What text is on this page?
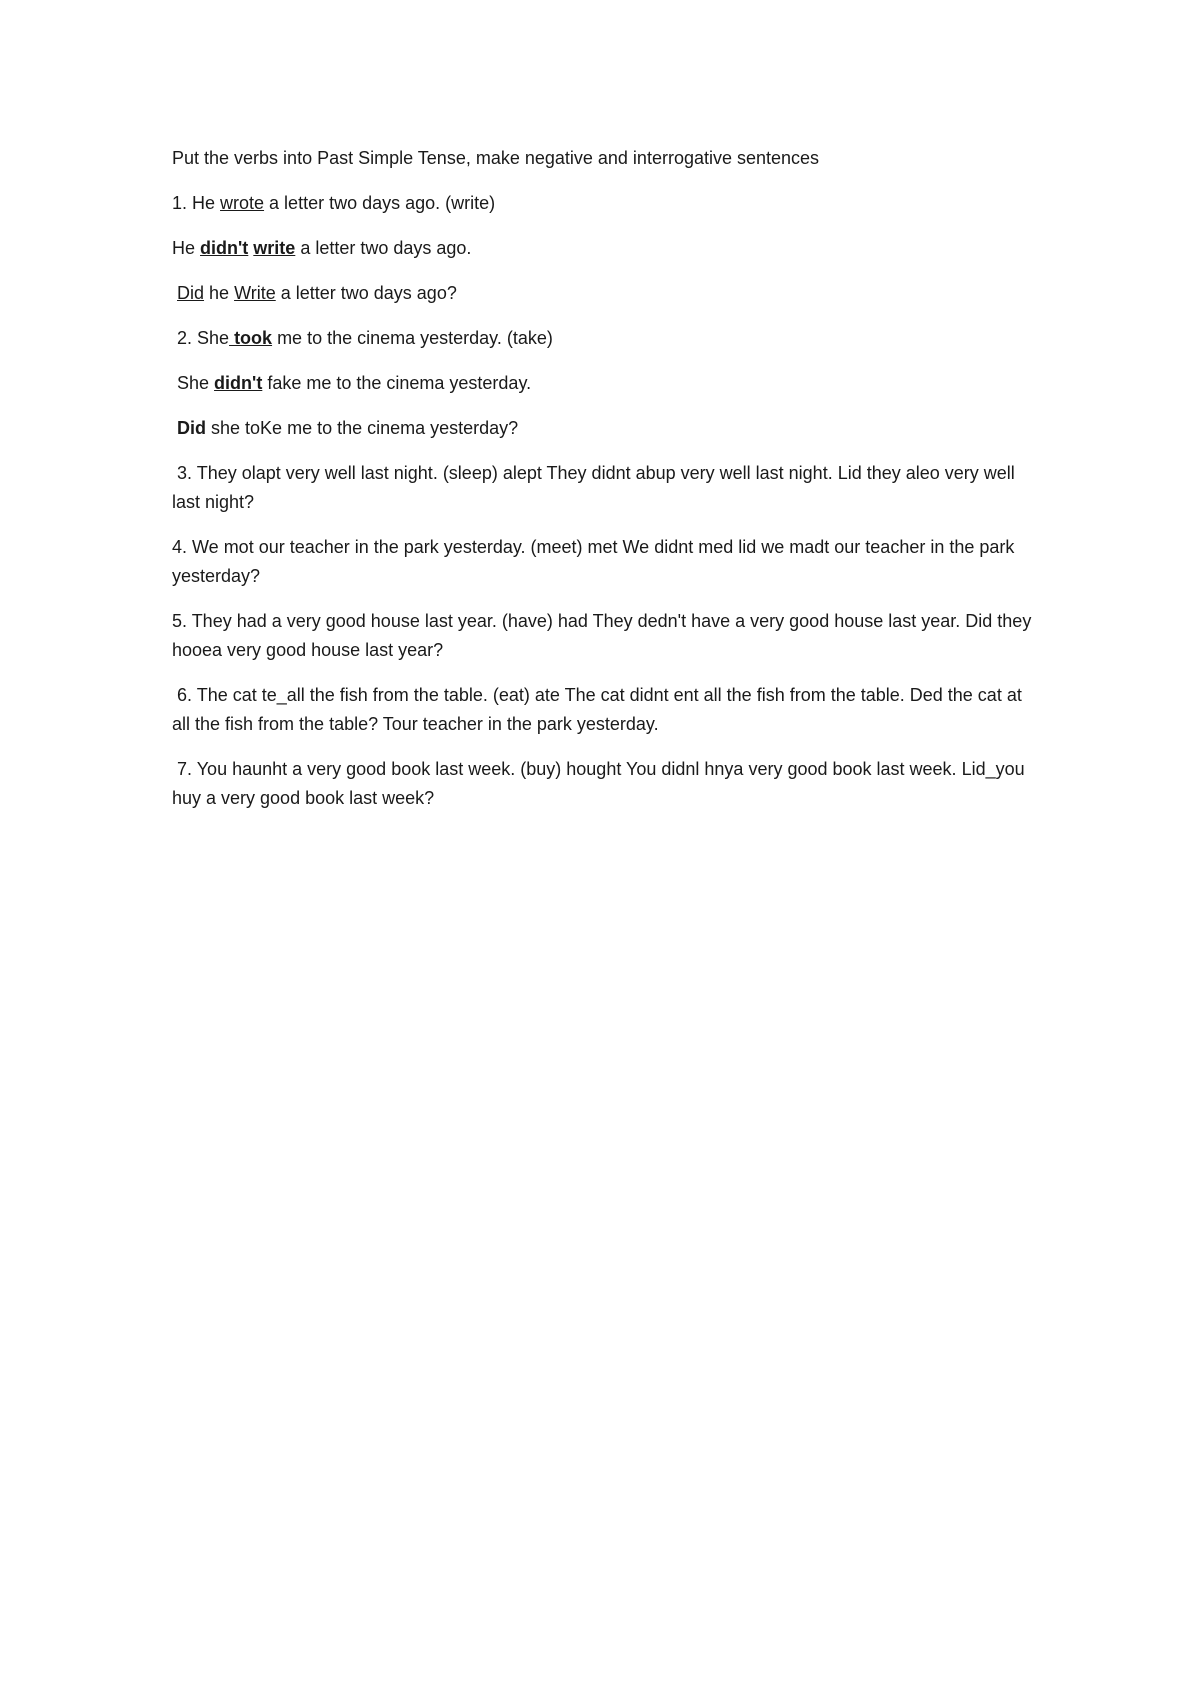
Put the verbs into Past Simple Tense, make negative and interrogative sentences

1. He wrote a letter two days ago. (write)

He didn't write a letter two days ago.

Did he Write a letter two days ago?

2. She took me to the cinema yesterday. (take)

She didn't fake me to the cinema yesterday.

Did she toKe me to the cinema yesterday?

3. They olapt very well last night. (sleep) alept They didnt abup very well last night. Lid they aleo very well last night?

4. We mot our teacher in the park yesterday. (meet) met We didnt med lid we madt our teacher in the park yesterday?

5. They had a very good house last year. (have) had They dedn't have a very good house last year. Did they hooea very good house last year?

6. The cat te_all the fish from the table. (eat) ate The cat didnt ent all the fish from the table. Ded the cat at all the fish from the table? Tour teacher in the park yesterday.

7. You haunht a very good book last week. (buy) hought You didnl hnya very good book last week. Lid_you huy a very good book last week?
